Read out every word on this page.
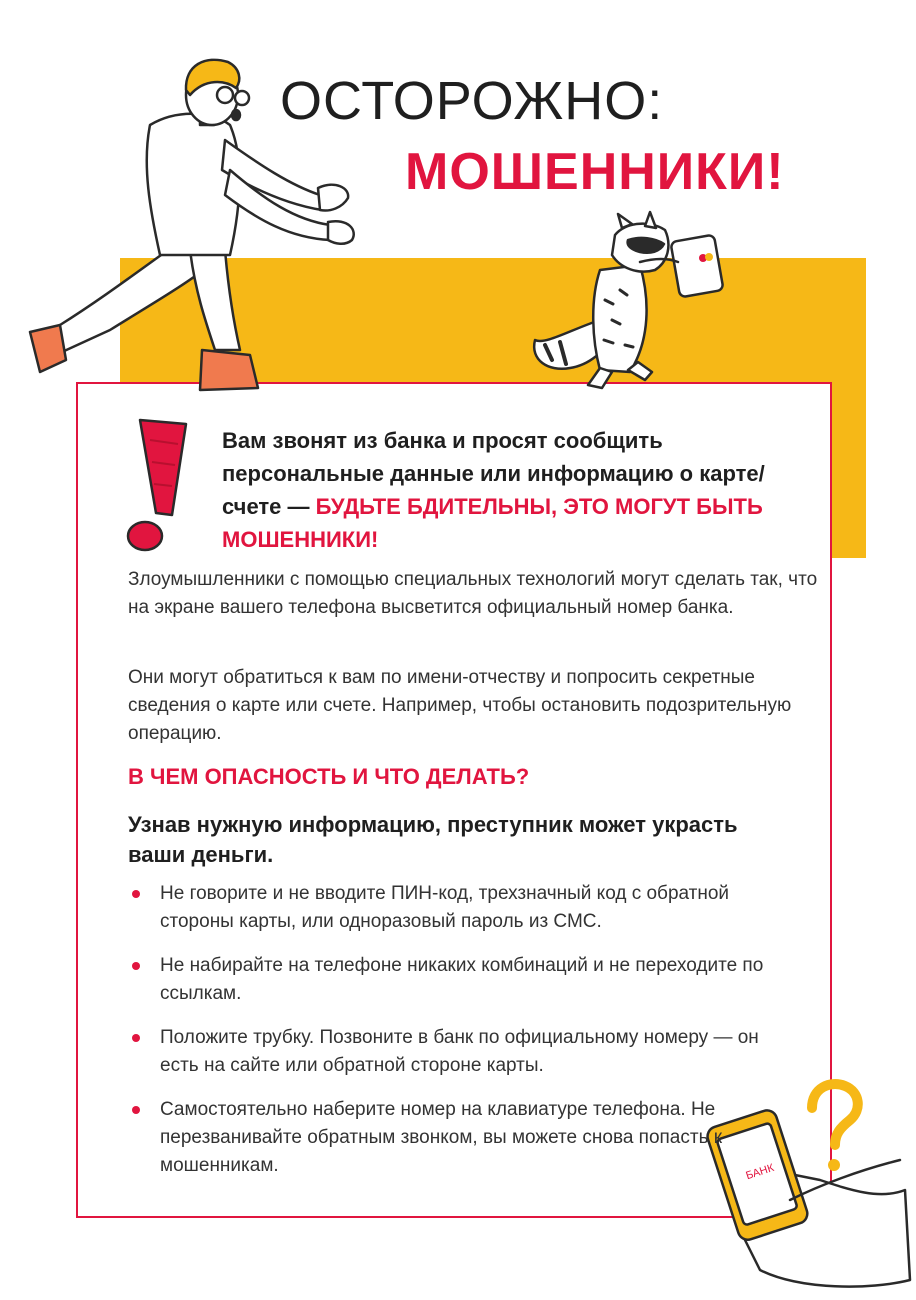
ОСТОРОЖНО:
МОШЕННИКИ!
БАНК
Вам звонят из банка и просят сообщить персональные данные или информацию о карте/счете — БУДЬТЕ БДИТЕЛЬНЫ, ЭТО МОГУТ БЫТЬ МОШЕННИКИ!
Злоумышленники с помощью специальных технологий могут сделать так, что на экране вашего телефона высветится официальный номер банка.
Они могут обратиться к вам по имени-отчеству и попросить секретные сведения о карте или счете. Например, чтобы остановить подозрительную операцию.
В ЧЕМ ОПАСНОСТЬ И ЧТО ДЕЛАТЬ?
Узнав нужную информацию, преступник может украсть ваши деньги.
Не говорите и не вводите ПИН-код, трехзначный код с обратной стороны карты, или одноразовый пароль из СМС.
Не набирайте на телефоне никаких комбинаций и не переходите по ссылкам.
Положите трубку. Позвоните в банк по официальному номеру — он есть на сайте или обратной стороне карты.
Самостоятельно наберите номер на клавиатуре телефона. Не перезванивайте обратным звонком, вы можете снова попасть к мошенникам.
